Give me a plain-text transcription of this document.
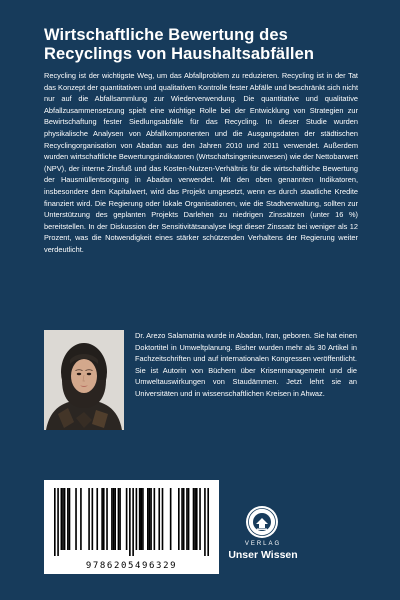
Wirtschaftliche Bewertung des
Recyclings von Haushaltsabfällen

Recycling ist der wichtigste Weg, um das Abfallproblem zu reduzieren. Recycling ist in der Tat das Konzept der quantitativen und qualitativen Kontrolle fester Abfälle und beschränkt sich nicht nur auf die Abfallsammlung zur Wiederverwendung. Die quantitative und qualitative Abfallzusammensetzung spielt eine wichtige Rolle bei der Entwicklung von Strategien zur Bewirtschaftung fester Siedlungsabfälle für das Recycling. In dieser Studie wurden physikalische Analysen von Abfallkomponenten und die Ausgangsdaten der städtischen Recyclingorganisation von Abadan aus den Jahren 2010 und 2011 verwendet. Außerdem wurden wirtschaftliche Bewertungsindikatoren (Wrtschaftsingenieurwesen) wie der Nettobarwert (NPV), der interne Zinsfuß und das Kosten-Nutzen-Verhältnis für die wirtschaftliche Bewertung der Hausmüllentsorgung in Abadan verwendet. Mit den oben genannten Indikatoren, insbesondere dem Kapitalwert, wird das Projekt umgesetzt, wenn es durch staatliche Kredite finanziert wird. Die Regierung oder lokale Organisationen, wie die Stadtverwaltung, sollten zur Unterstützung des geplanten Projekts Darlehen zu niedrigen Zinssätzen (unter 16 %) bereitstellen. In der Diskussion der Sensitivitätsanalyse liegt dieser Zinssatz bei weniger als 12 Prozent, was die Notwendigkeit eines stärker schützenden Verhaltens der Regierung weiter verdeutlicht.

Dr. Arezo Salamatnia wurde in Abadan, Iran, geboren. Sie hat einen Doktortitel in Umweltplanung. Bisher wurden mehr als 30 Artikel in Fachzeitschriften und auf internationalen Kongressen veröffentlicht. Sie ist Autorin von Büchern über Krisenmanagement und die Umweltauswirkungen von Staudämmen. Jetzt lehrt sie an Universitäten und in wissenschaftlichen Kreisen in Ahwaz.

9786205496329
VERLAG
Unser Wissen
